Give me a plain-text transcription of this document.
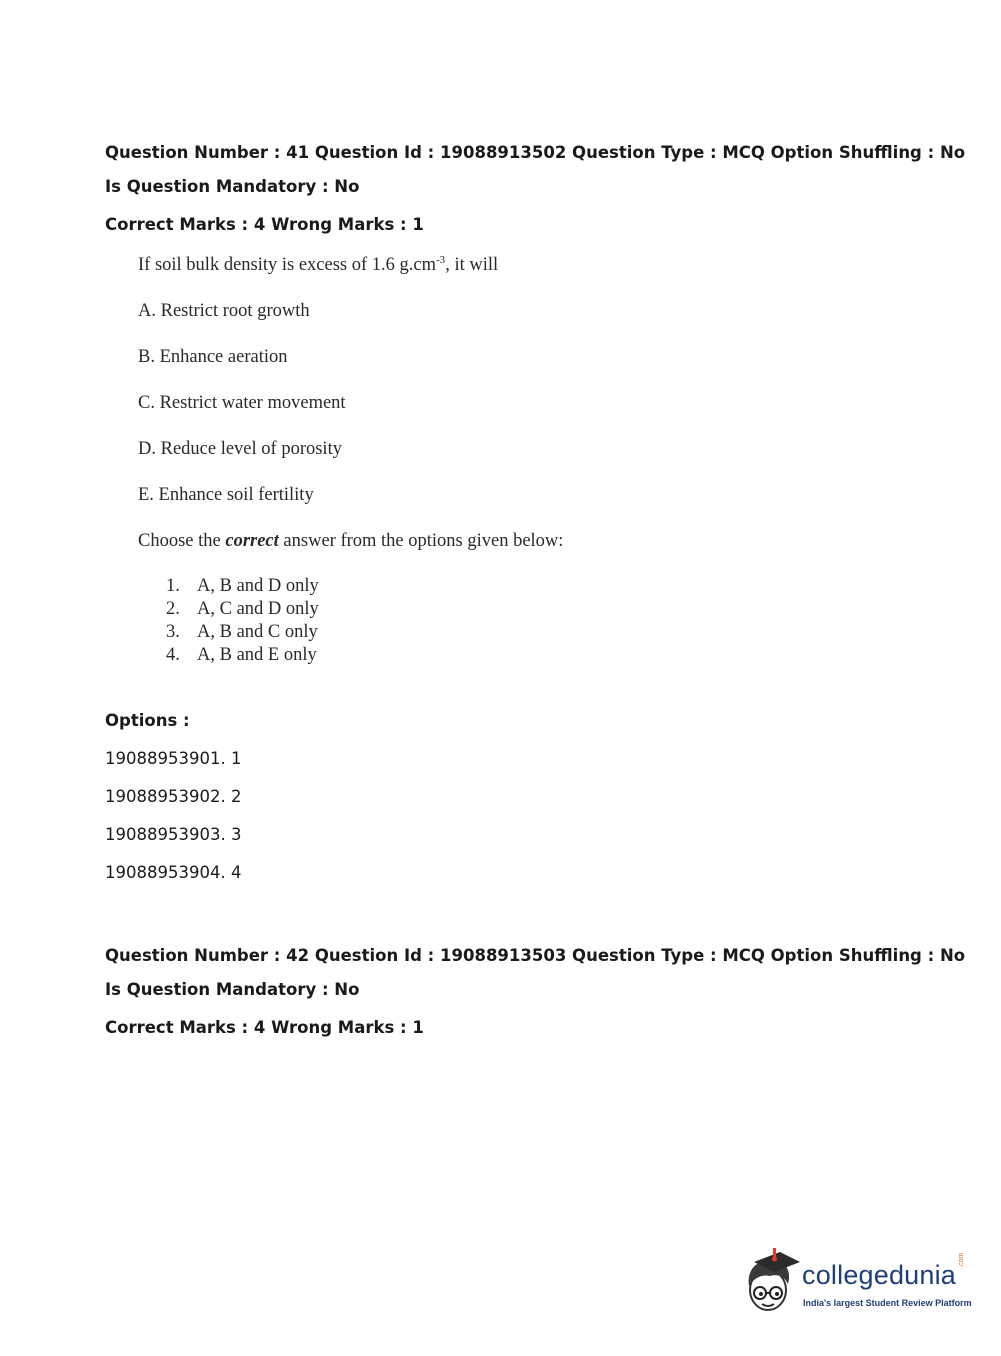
Question Number : 41 Question Id : 19088913502 Question Type : MCQ Option Shuffling : No
Is Question Mandatory : No
Correct Marks : 4 Wrong Marks : 1
If soil bulk density is excess of 1.6 $g.cm^{-3}$, it will
A. Restrict root growth
B. Enhance aeration
C. Restrict water movement
D. Reduce level of porosity
E. Enhance soil fertility
Choose the correct answer from the options given below:
1. A, B and D only
2. A, C and D only
3. A, B and C only
4. A, B and E only
Options :
19088953901. 1
19088953902. 2
19088953903. 3
19088953904. 4
Question Number : 42 Question Id : 19088913503 Question Type : MCQ Option Shuffling : No
Is Question Mandatory : No
Correct Marks : 4 Wrong Marks : 1
collegedunia .com
India's largest Student Review Platform
